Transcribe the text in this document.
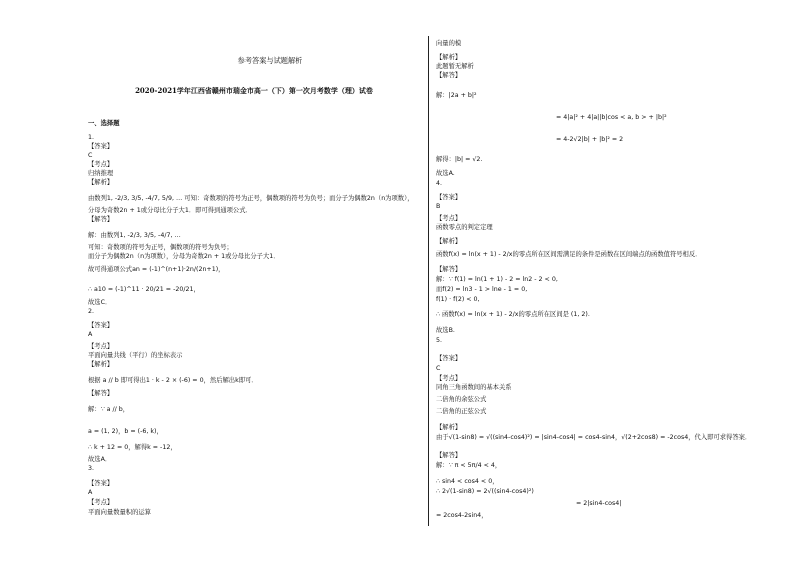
参考答案与试题解析
2020-2021学年江西省赣州市瑞金市高一（下）第一次月考数学（理）试卷
一、选择题
1.
【答案】
C
【考点】
归纳推理
【解析】
由数列1, -2/3, 3/5, -4/7, 5/9, … 可知：奇数项的符号为正号，偶数项的符号为负号；而分子为偶数2n（n为项数），
分母为奇数2n + 1或分母比分子大1．即可得到通项公式．
【解答】
解：由数列1, -2/3, 3/5, -4/7, …
可知：奇数项的符号为正号，偶数项的符号为负号；
而分子为偶数2n（n为项数），分母为奇数2n + 1或分母比分子大1．
故可得通项公式an = (-1)^(n+1)·2n/(2n+1)，
∴ a10 = (-1)^11 · 20/21 = -20/21，
故选C．
2.
【答案】
A
【考点】
平面向量共线（平行）的坐标表示
【解析】
根据 a // b 即可得出1 · k - 2 × (-6) = 0，然后解出k即可．
【解答】
解：∵ a // b，
a = (1, 2)，b = (-6, k)，
∴ k + 12 = 0，解得k = -12，
故选A．
3.
【答案】
A
【考点】
平面向量数量积的运算
向量的模
【解析】
此题暂无解析
【解答】
解：|2a + b|²
= 4|a|² + 4|a||b|cos < a, b > + |b|²
= 4-2√2|b| + |b|² = 2
解得：|b| = √2.
故选A.
4.
【答案】
B
【考点】
函数零点的判定定理
【解析】
函数f(x) = ln(x + 1) - 2/x的零点所在区间需满足的条件是函数在区间端点的函数值符号相反．
【解答】
解：∵ f(1) = ln(1 + 1) - 2 = ln2 - 2 < 0,
而f(2) = ln3 - 1 > lne - 1 = 0,
f(1) · f(2) < 0,
∴ 函数f(x) = ln(x + 1) - 2/x的零点所在区间是 (1, 2).
故选B.
5.
【答案】
C
【考点】
同角三角函数间的基本关系
二倍角的余弦公式
二倍角的正弦公式
【解析】
由于√(1-sin8) = √((sin4-cos4)²) = |sin4-cos4| = cos4-sin4，√(2+2cos8) = -2cos4，代入即可求得答案．
【解答】
解：∵ π < 5π/4 < 4，
∴ sin4 < cos4 < 0，
∴ 2√(1-sin8) = 2√((sin4-cos4)²)
= 2|sin4-cos4|
= 2cos4-2sin4，
